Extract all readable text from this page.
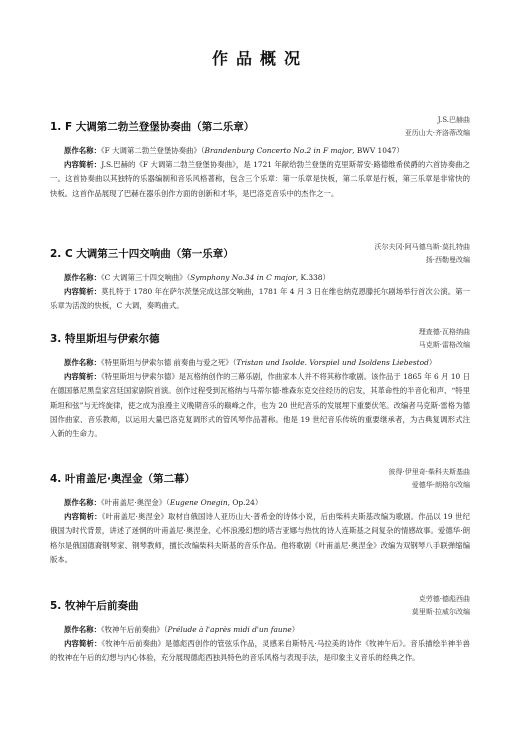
作品概况
1. F 大调第二勃兰登堡协奏曲（第二乐章）
J.S.巴赫曲
亚历山大·齐洛蒂改编

原作名称：《F 大调第二勃兰登堡协奏曲》（Brandenburg Concerto No.2 in F major, BWV 1047）

内容简析：J.S.巴赫的《F 大调第二勃兰登堡协奏曲》，是 1721 年献给勃兰登堡的克里斯蒂安·路德维希侯爵的六首协奏曲之一。这首协奏曲以其独特的乐器编制和音乐风格著称，包含三个乐章：第一乐章是快板，第二乐章是行板，第三乐章是非常快的快板。这首作品展现了巴赫在器乐创作方面的创新和才华，是巴洛克音乐中的杰作之一。

2. C 大调第三十四交响曲（第一乐章）
沃尔夫冈·阿马德乌斯·莫扎特曲
扬·西勒曼改编

原作名称：《C 大调第三十四交响曲》（Symphony No.34 in C major, K.338）

内容简析：莫扎特于 1780 年在萨尔茨堡完成这部交响曲，1781 年 4 月 3 日在维也纳克恩滕托尔剧场举行首次公演。第一乐章为活泼的快板，C 大调，奏鸣曲式。

3. 特里斯坦与伊索尔德
理查德·瓦格纳曲
马克斯·雷格改编

原作名称：《特里斯坦与伊索尔德 前奏曲与爱之死》（Tristan und Isolde. Vorspiel und Isoldens Liebestod）

内容简析：《特里斯坦与伊索尔德》是瓦格纳创作的三幕乐剧，作曲家本人并不将其称作歌剧。该作品于 1865 年 6 月 10 日在德国慕尼黑皇家宫廷国家剧院首演。创作过程受到瓦格纳与马蒂尔德·维森东克交往经历的启发，其革命性的半音化和声、“特里斯坦和弦”与无终旋律，使之成为浪漫主义晚期音乐的巅峰之作，也为 20 世纪音乐的发展埋下重要伏笔。改编者马克斯·雷格为德国作曲家、音乐教师，以运用大量巴洛克复调形式的管风琴作品著称。他是 19 世纪音乐传统的重要继承者，为古典复调形式注入新的生命力。

4. 叶甫盖尼·奥涅金（第二幕）
彼得·伊里奇·柴科夫斯基曲
爱德华·朗格尔改编

原作名称：《叶甫盖尼·奥涅金》（Eugene Onegin, Op.24）

内容简析：《叶甫盖尼·奥涅金》取材自俄国诗人亚历山大·普希金的诗体小说，后由柴科夫斯基改编为歌剧。作品以 19 世纪俄国为时代背景，讲述了迷惘的叶甫盖尼·奥涅金、心怀浪漫幻想的塔吉亚娜与热忱的诗人连斯基之间复杂的情感故事。爱德华·朗格尔是俄国德裔钢琴家、钢琴教师，擅长改编柴科夫斯基的音乐作品。他将歌剧《叶甫盖尼·奥涅金》改编为双钢琴八手联弹缩编版本。

5. 牧神午后前奏曲
克劳德·德彪西曲
莫里斯·拉威尔改编

原作名称：《牧神午后前奏曲》（Prélude à l'après midi d'un faune）

内容简析：《牧神午后前奏曲》是德彪西创作的管弦乐作品，灵感来自斯特凡·马拉美的诗作《牧神午后》。音乐描绘半神半兽的牧神在午后的幻想与内心体验，充分展现德彪西独具特色的音乐风格与表现手法，是印象主义音乐的经典之作。
